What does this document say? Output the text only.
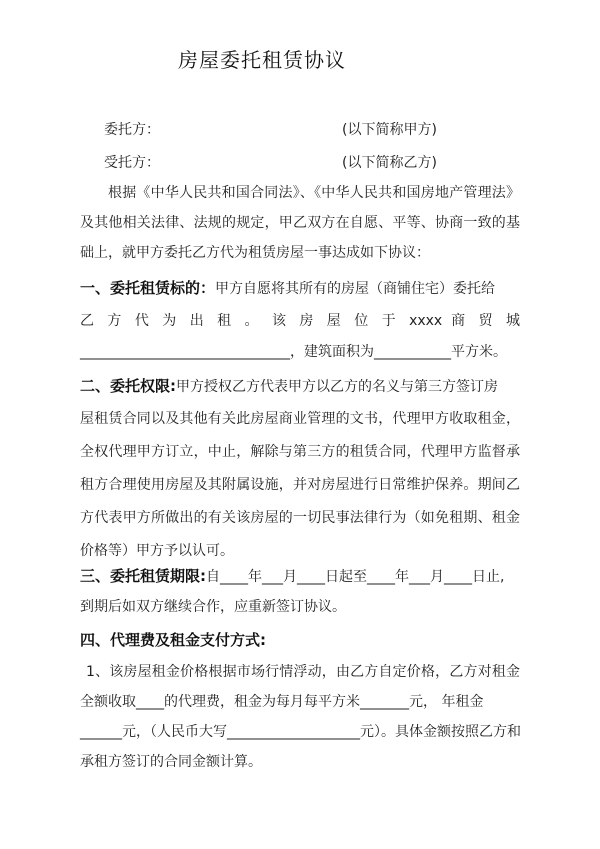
房屋委托租赁协议
委托方：	(以下简称甲方)
受托方：	(以下简称乙方)
根据《中华人民共和国合同法》、《中华人民共和国房地产管理法》
及其他相关法律、法规的规定，甲乙双方在自愿、平等、协商一致的基
础上，就甲方委托乙方代为租赁房屋一事达成如下协议：
一、委托租赁标的：甲方自愿将其所有的房屋（商铺住宅）委托给
乙 方 代 为 出 租 。 该 房 屋 位 于 xxxx 商 贸 城
______________________________，建筑面积为___________平方米。
二、委托权限:甲方授权乙方代表甲方以乙方的名义与第三方签订房
屋租赁合同以及其他有关此房屋商业管理的文书，代理甲方收取租金，
全权代理甲方订立，中止，解除与第三方的租赁合同，代理甲方监督承
租方合理使用房屋及其附属设施，并对房屋进行日常维护保养。期间乙
方代表甲方所做出的有关该房屋的一切民事法律行为（如免租期、租金
价格等）甲方予以认可。
三、委托租赁期限:自____年___月____日起至____年___月____日止,
到期后如双方继续合作，应重新签订协议。
四、代理费及租金支付方式:
1、该房屋租金价格根据市场行情浮动，由乙方自定价格，乙方对租金
全额收取____的代理费，租金为每月每平方米_______元， 年租金
______元，（人民币大写___________________元）。具体金额按照乙方和
承租方签订的合同金额计算。
